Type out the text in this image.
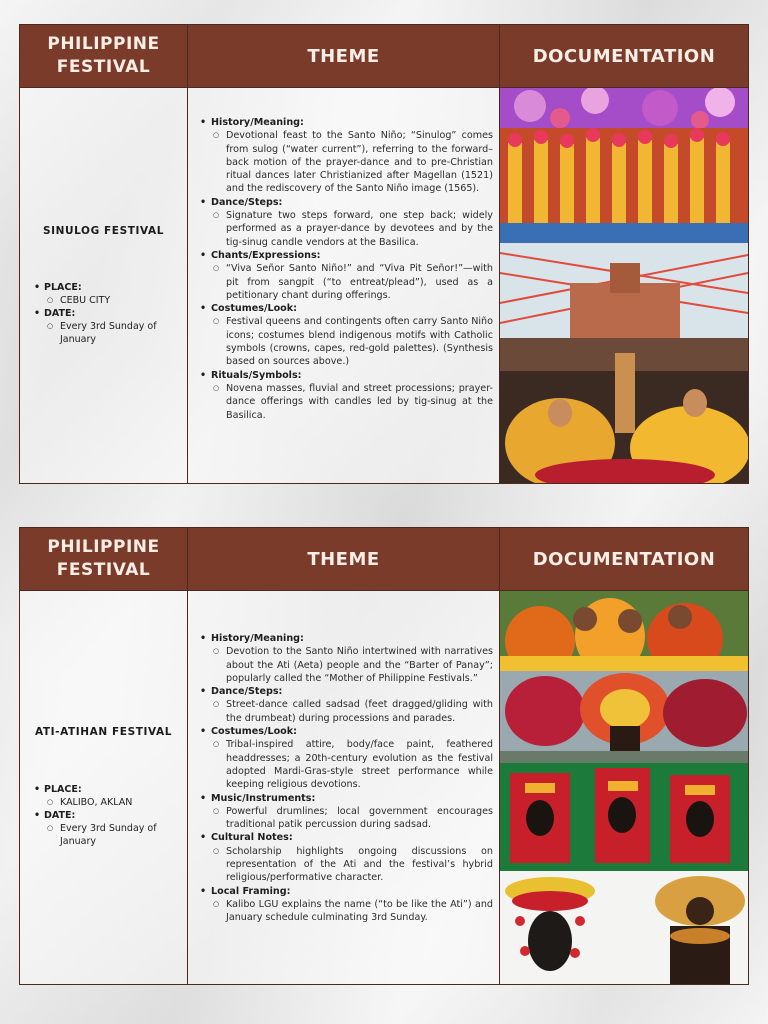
PHILIPPINE FESTIVAL
THEME	DOCUMENTATION
SINULOG FESTIVAL
• PLACE:
○ CEBU CITY
• DATE:
○ Every 3rd Sunday of January
• History/Meaning:
○ Devotional feast to the Santo Niño; “Sinulog” comes from sulog (“water current”), referring to the forward–back motion of the prayer-dance and to pre-Christian ritual dances later Christianized after Magellan (1521) and the rediscovery of the Santo Niño image (1565).
• Dance/Steps:
○ Signature two steps forward, one step back; widely performed as a prayer-dance by devotees and by the tig-sinug candle vendors at the Basilica.
• Chants/Expressions:
○ “Viva Señor Santo Niño!” and “Viva Pit Señor!”—with pit from sangpit (“to entreat/plead”), used as a petitionary chant during offerings.
• Costumes/Look:
○ Festival queens and contingents often carry Santo Niño icons; costumes blend indigenous motifs with Catholic symbols (crowns, capes, red-gold palettes). (Synthesis based on sources above.)
• Rituals/Symbols:
○ Novena masses, fluvial and street processions; prayer-dance offerings with candles led by tig-sinug at the Basilica.
PHILIPPINE FESTIVAL
THEME	DOCUMENTATION
ATI-ATIHAN FESTIVAL
• PLACE:
○ KALIBO, AKLAN
• DATE:
○ Every 3rd Sunday of January
• History/Meaning:
○ Devotion to the Santo Niño intertwined with narratives about the Ati (Aeta) people and the “Barter of Panay”; popularly called the “Mother of Philippine Festivals.”
• Dance/Steps:
○ Street-dance called sadsad (feet dragged/gliding with the drumbeat) during processions and parades.
• Costumes/Look:
○ Tribal-inspired attire, body/face paint, feathered headdresses; a 20th-century evolution as the festival adopted Mardi-Gras-style street performance while keeping religious devotions.
• Music/Instruments:
○ Powerful drumlines; local government encourages traditional patik percussion during sadsad.
• Cultural Notes:
○ Scholarship highlights ongoing discussions on representation of the Ati and the festival’s hybrid religious/performative character.
• Local Framing:
○ Kalibo LGU explains the name (“to be like the Ati”) and January schedule culminating 3rd Sunday.
